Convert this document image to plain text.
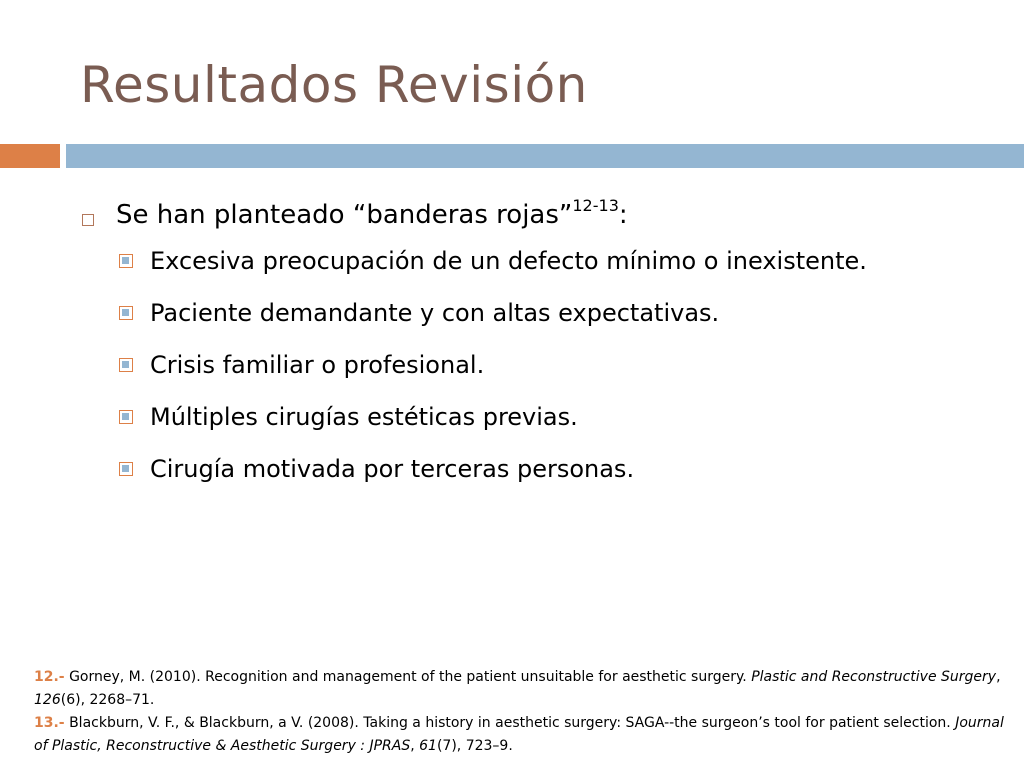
Resultados Revisión
Se han planteado “banderas rojas”$^{12-13}$:
Excesiva preocupación de un defecto mínimo o inexistente.
Paciente demandante y con altas expectativas.
Crisis familiar o profesional.
Múltiples cirugías estéticas previas.
Cirugía motivada por terceras personas.
12.- Gorney, M. (2010). Recognition and management of the patient unsuitable for aesthetic surgery. Plastic and Reconstructive Surgery, 126(6), 2268–71.
13.- Blackburn, V. F., & Blackburn, a V. (2008). Taking a history in aesthetic surgery: SAGA--the surgeon’s tool for patient selection. Journal of Plastic, Reconstructive & Aesthetic Surgery : JPRAS, 61(7), 723–9.
